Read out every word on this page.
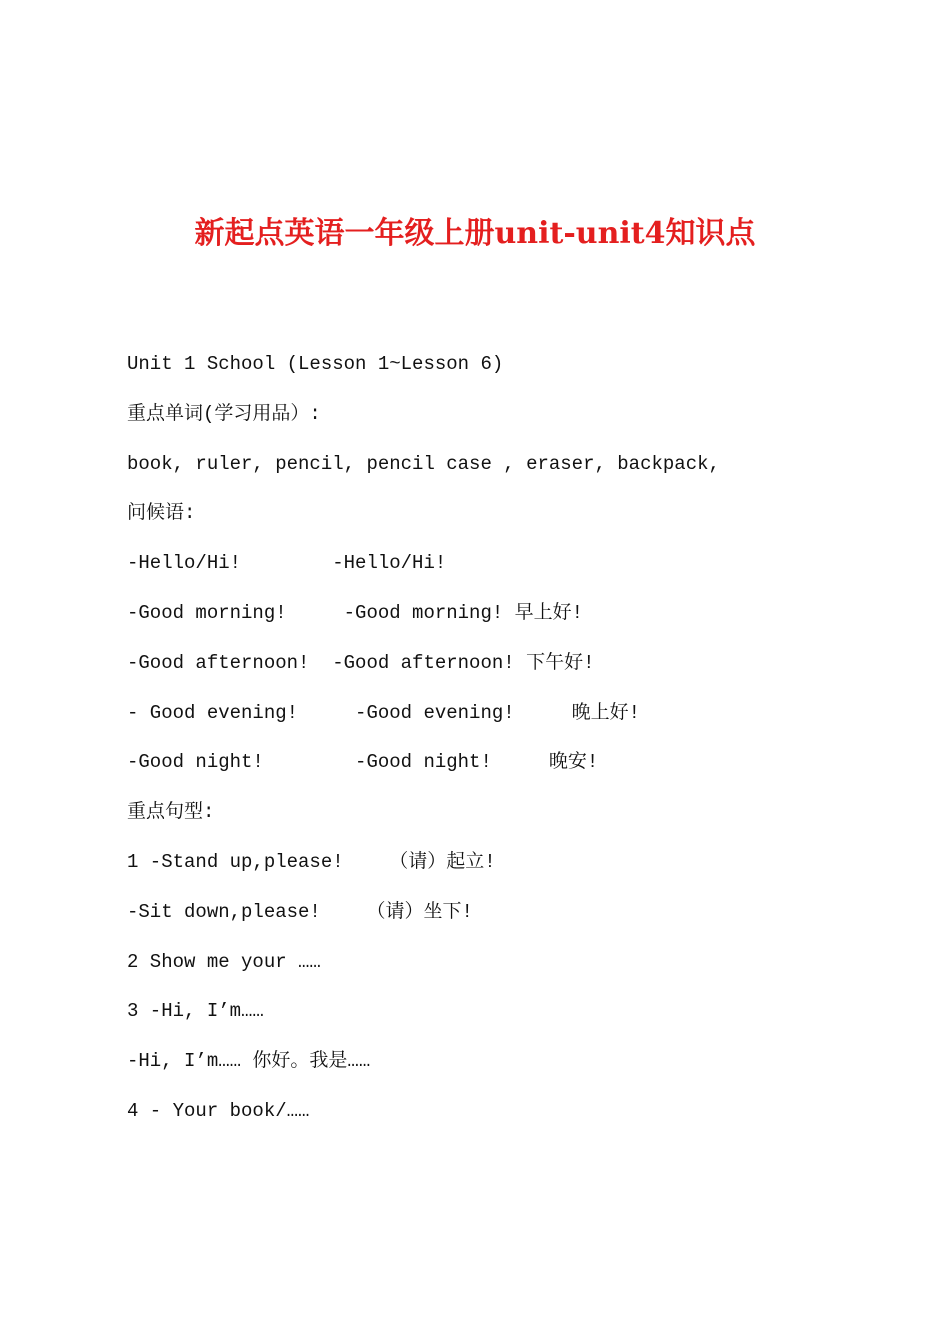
新起点英语一年级上册unit-unit4知识点
Unit 1 School (Lesson 1~Lesson 6)
重点单词(学习用品）:
book, ruler, pencil, pencil case , eraser, backpack,
问候语:
-Hello/Hi!        -Hello/Hi!
-Good morning!     -Good morning! 早上好!
-Good afternoon!  -Good afternoon! 下午好!
- Good evening!     -Good evening!     晚上好!
-Good night!        -Good night!     晚安!
重点句型:
1 -Stand up,please!    （请）起立!
-Sit down,please!    （请）坐下!
2 Show me your ……
3 -Hi, I’m……
-Hi, I’m…… 你好。我是……
4 - Your book/……
